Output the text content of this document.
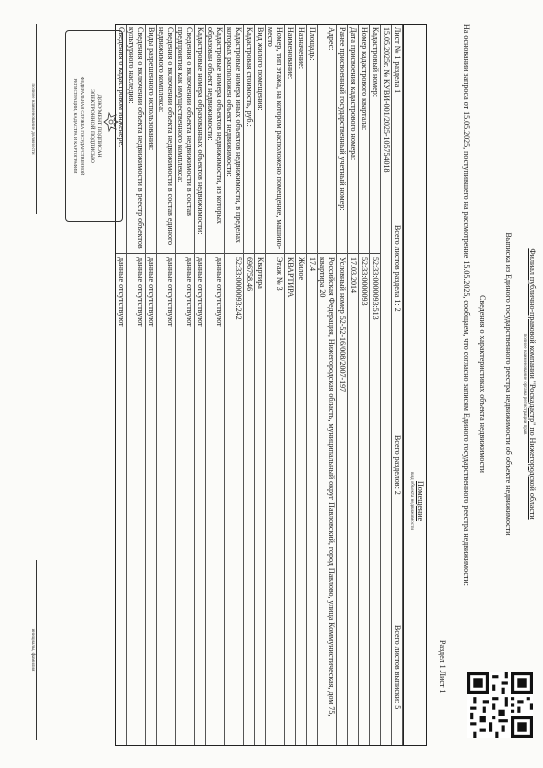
Филиал публично-правовой компании "Роскадастр" по Нижегородской области
полное наименование органа регистрации прав
Выписка из Единого государственного реестра недвижимости об объекте недвижимости
Сведения о характеристиках объекта недвижимости
На основании запроса от 15.05.2025, поступившего на рассмотрение 15.05.2025, сообщаем, что согласно записям Единого государственного реестра недвижимости:
Раздел 1 Лист 1
Помещение
вид объекта недвижимости
Лист № 1 раздела 1
Всего листов раздела 1: 2
Всего разделов: 2
Всего листов выписки: 5
15.05.2025г. № КУВИ-001/2025-105754018
Кадастровый номер:
52:33:0000093:513
Номер кадастрового квартала:
52:33:0000093
Дата присвоения кадастрового номера:
17.03.2014
Ранее присвоенный государственный учетный номер:
Условный номер 52-52-16/008/2007-197
Адрес:
Российская Федерация, Нижегородская область, муниципальный округ Павловский, город Павлово, улица Коммунистическая, дом 75, квартира 20
Площадь:
17.4
Назначение:
Жилое
Наименование:
КВАРТИРА
Номер, тип этажа, на котором расположено помещение, машино-место
Этаж № 3
Вид жилого помещения:
Квартира
Кадастровая стоимость, руб.:
696758.46
Кадастровые номера иных объектов недвижимости, в пределах которых расположен объект недвижимости:
52:33:0000093:242
Кадастровые номера объектов недвижимости, из которых образован объект недвижимости:
данные отсутствуют
Кадастровые номера образованных объектов недвижимости:
данные отсутствуют
Сведения о включении объекта недвижимости в состав предприятия как имущественного комплекса:
данные отсутствуют
Сведения о включении объекта недвижимости в состав единого недвижимого комплекса:
данные отсутствуют
Виды разрешенного использования:
данные отсутствуют
Сведения о включении объекта недвижимости в реестр объектов культурного наследия:
данные отсутствуют
Сведения о кадастровом инженере:
данные отсутствуют
ДОКУМЕНТ ПОДПИСАН
ЭЛЕКТРОННОЙ ПОДПИСЬЮ
ФЕДЕРАЛЬНАЯ СЛУЖБА ГОСУДАРСТВЕННОЙ
РЕГИСТРАЦИИ, КАДАСТРА И КАРТОГРАФИИ
полное наименование должности
инициалы, фамилия
